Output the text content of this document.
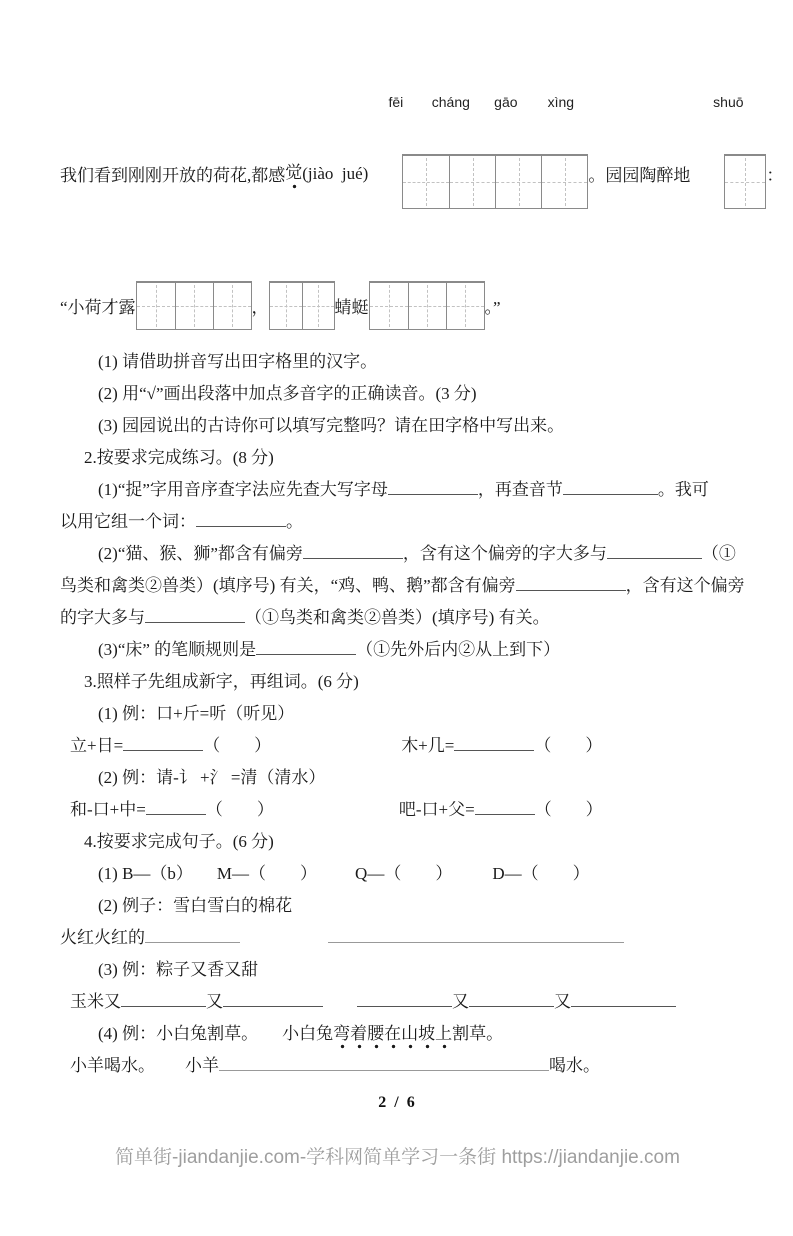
我们看到刚刚开放的荷花,都感 觉 (jiào  jué)

fēi	cháng	gāo	xìng

。园园陶醉地

shuō

：
“小荷才露	，	蜻蜓	。”
(1) 请借助拼音写出田字格里的汉字。
(2) 用“√”画出段落中加点多音字的正确读音。(3 分)
(3) 园园说出的古诗你可以填写完整吗？请在田字格中写出来。
2.按要求完成练习。(8 分)
(1)“捉”字用音序查字法应先查大写字母	，再查音节	。我可
以用它组一个词：	。
(2)“猫、猴、狮”都含有偏旁	，含有这个偏旁的字大多与	（①
鸟类和禽类②兽类）(填序号) 有关，“鸡、鸭、鹅”都含有偏旁	，含有这个偏旁
的字大多与	（①鸟类和禽类②兽类）(填序号) 有关。
(3)“床” 的笔顺规则是	（①先外后内②从上到下）
3.照样子先组成新字，再组词。(6 分)
(1) 例：口+斤=听（听见）
立+日=	（　　）	木+几=	（　　）
(2) 例：请-讠 +氵 =清（清水）
和-口+中=	（　　）	吧-口+父=	（　　）
4.按要求完成句子。(6 分)
(1) B—（b） M—（　　） Q—（　　） D—（　　）
(2) 例子：雪白雪白的棉花
火红火红的
(3) 例：粽子又香又甜
玉米又	又	又	又
(4) 例：小白兔割草。 小白兔弯着腰在山坡上割草。
小羊喝水。 小羊	喝水。
2 / 6
简单街-jiandanjie.com-学科网简单学习一条街 https://jiandanjie.com
